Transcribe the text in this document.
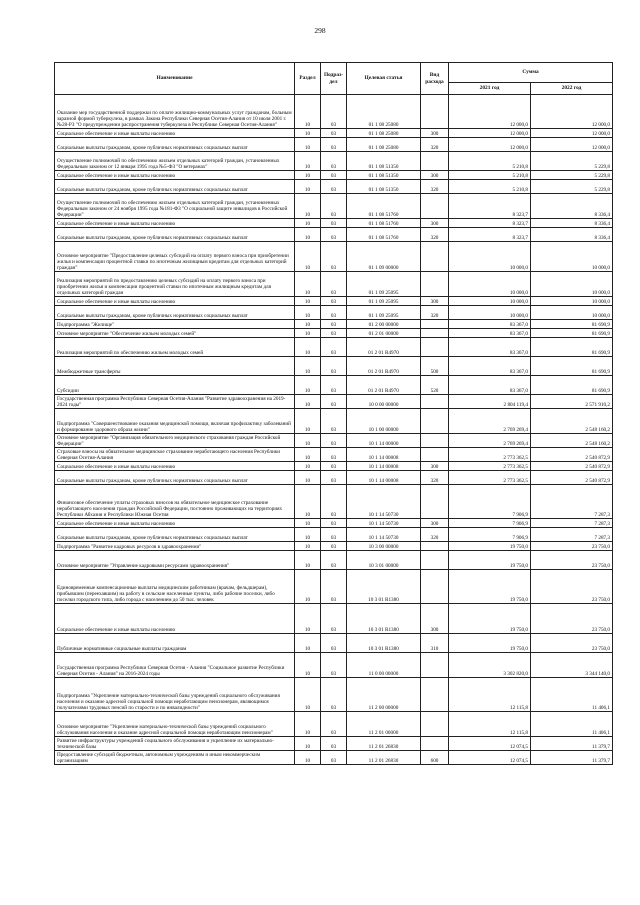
298
Наименование	Раздел	Подраз-дел	Целевая статья	Вид расхода	Сумма	
					2021 год	2022 год
Оказание мер государственной поддержки по оплате жилищно-коммунальных услуг гражданам, больным заразной формой туберкулеза, в рамках Закона Республики Северная Осетия-Алания от 10 июля 2001 г. №28-РЗ "О предупреждении распространения туберкулеза в Республике Северная Осетия-Алания"	10	03	01 1 08 25080		12 000,0	12 000,0
Социальное обеспечение и иные выплаты населению	10	03	01 1 08 25080	300	12 000,0	12 000,0
Социальные выплаты гражданам, кроме публичных нормативных социальных выплат	10	03	01 1 08 25080	320	12 000,0	12 000,0
Осуществление полномочий по обеспечению жильем отдельных категорий граждан, установленных Федеральным законом от 12 января 1995 года №5-ФЗ "О ветеранах"	10	03	01 1 08 51350		5 210,8	5 229,8
Социальное обеспечение и иные выплаты населению	10	03	01 1 08 51350	300	5 210,8	5 229,8
Социальные выплаты гражданам, кроме публичных нормативных социальных выплат	10	03	01 1 08 51350	320	5 210,8	5 229,8
Осуществление полномочий по обеспечению жильем отдельных категорий граждан, установленных Федеральным законом от 24 ноября 1995 года №181-ФЗ "О социальной защите инвалидов в Российской Федерации"	10	03	01 1 08 51760		8 323,7	8 336,4
Социальное обеспечение и иные выплаты населению	10	03	01 1 08 51760	300	8 323,7	8 336,4
Социальные выплаты гражданам, кроме публичных нормативных социальных выплат	10	03	01 1 08 51760	320	8 323,7	8 336,4
Основное мероприятие "Предоставление целевых субсидий на оплату первого взноса при приобретении жилья и компенсации процентной ставки по ипотечным жилищным кредитам для отдельных категорий граждан"	10	03	01 1 09 00000		10 000,0	10 000,0
Реализация мероприятий по предоставлению целевых субсидий на оплату первого взноса при приобретении жилья и компенсации процентной ставки по ипотечным жилищным кредитам для отдельных категорий граждан	10	03	01 1 09 25095		10 000,0	10 000,0
Социальное обеспечение и иные выплаты населению	10	03	01 1 09 25095	300	10 000,0	10 000,0
Социальные выплаты гражданам, кроме публичных нормативных социальных выплат	10	03	01 1 09 25095	320	10 000,0	10 000,0
Подпрограмма "Жилище"	10	03	01 2 00 00000		83 367,0	81 690,9
Основное мероприятие "Обеспечение жильем молодых семей"	10	03	01 2 01 00000		83 367,0	81 690,9
Реализация мероприятий по обеспечению жильем молодых семей	10	03	01 2 01 R4970		83 367,0	81 690,9
Межбюджетные трансферты	10	03	01 2 01 R4970	500	83 367,0	81 690,9
Субсидии	10	03	01 2 01 R4970	520	83 367,0	81 690,9
Государственная программа Республики Северная Осетия-Алания "Развитие здравоохранения на 2019-2024 годы"	10	03	10 0 00 00000		2 804 119,4	2 571 910,2
Подпрограмма "Совершенствование оказания медицинской помощи, включая профилактику заболеваний и формирование здорового образа жизни"	10	03	10 1 00 00000		2 769 269,4	2 548 160,2
Основное мероприятие "Организация обязательного медицинского страхования граждан Российской Федерации"	10	03	10 1 14 00000		2 769 269,4	2 548 160,2
Страховые взносы на обязательное медицинское страхование неработающего населения Республики Северная Осетия-Алания	10	03	10 1 14 00008		2 773 362,5	2 540 872,9
Социальное обеспечение и иные выплаты населению	10	03	10 1 14 00008	300	2 773 362,5	2 540 872,9
Социальные выплаты гражданам, кроме публичных нормативных социальных выплат	10	03	10 1 14 00008	320	2 773 362,5	2 540 872,9
Финансовое обеспечение уплаты страховых взносов на обязательное медицинское страхование неработающего населения граждан Российской Федерации, постоянно проживающих на территориях Республики Абхазия и Республики Южная Осетия	10	03	10 1 14 50730		7 906,9	7 287,3
Социальное обеспечение и иные выплаты населению	10	03	10 1 14 50730	300	7 906,9	7 287,3
Социальные выплаты гражданам, кроме публичных нормативных социальных выплат	10	03	10 1 14 50730	320	7 906,9	7 287,3
Подпрограмма "Развитие кадровых ресурсов в здравоохранении"	10	03	10 3 00 00000		19 750,0	23 750,0
Основное мероприятие "Управление кадровыми ресурсами здравоохранения"	10	03	10 3 01 00000		19 750,0	23 750,0
Единовременные компенсационные выплаты медицинским работникам (врачам, фельдшерам), прибывшим (переехавшим) на работу в сельские населенные пункты, либо рабочие поселки, либо поселки городского типа, либо города с населением до 50 тыс. человек	10	03	10 3 01 R1380		19 750,0	23 750,0
Социальное обеспечение и иные выплаты населению	10	03	10 3 01 R1380	300	19 750,0	23 750,0
Публичные нормативные социальные выплаты гражданам	10	03	10 3 01 R1380	310	19 750,0	23 750,0
Государственная программа Республики Северная Осетия - Алания "Социальное развитие Республики Северная Осетия - Алания" на 2016-2024 годы	10	03	11 0 00 00000		3 302 820,0	3 344 140,0
Подпрограмма "Укрепление материально-технической базы учреждений социального обслуживания населения и оказание адресной социальной помощи неработающим пенсионерам, являющимся получателями трудовых пенсий по старости и по инвалидности"	10	03	11 2 00 00000		12 115,8	11 406,1
Основное мероприятие "Укрепление материально-технической базы учреждений социального обслуживания населения и оказание адресной социальной помощи неработающим пенсионерам"	10	03	11 2 01 00000		12 115,8	11 406,1
Развитие инфраструктуры учреждений социального обслуживания и укрепление их материально-технической базы	10	03	11 2 01 26830		12 074,5	11 379,7
Предоставление субсидий бюджетным, автономным учреждениям и иным некоммерческим организациям	10	03	11 2 01 26830	600	12 074,5	11 379,7
